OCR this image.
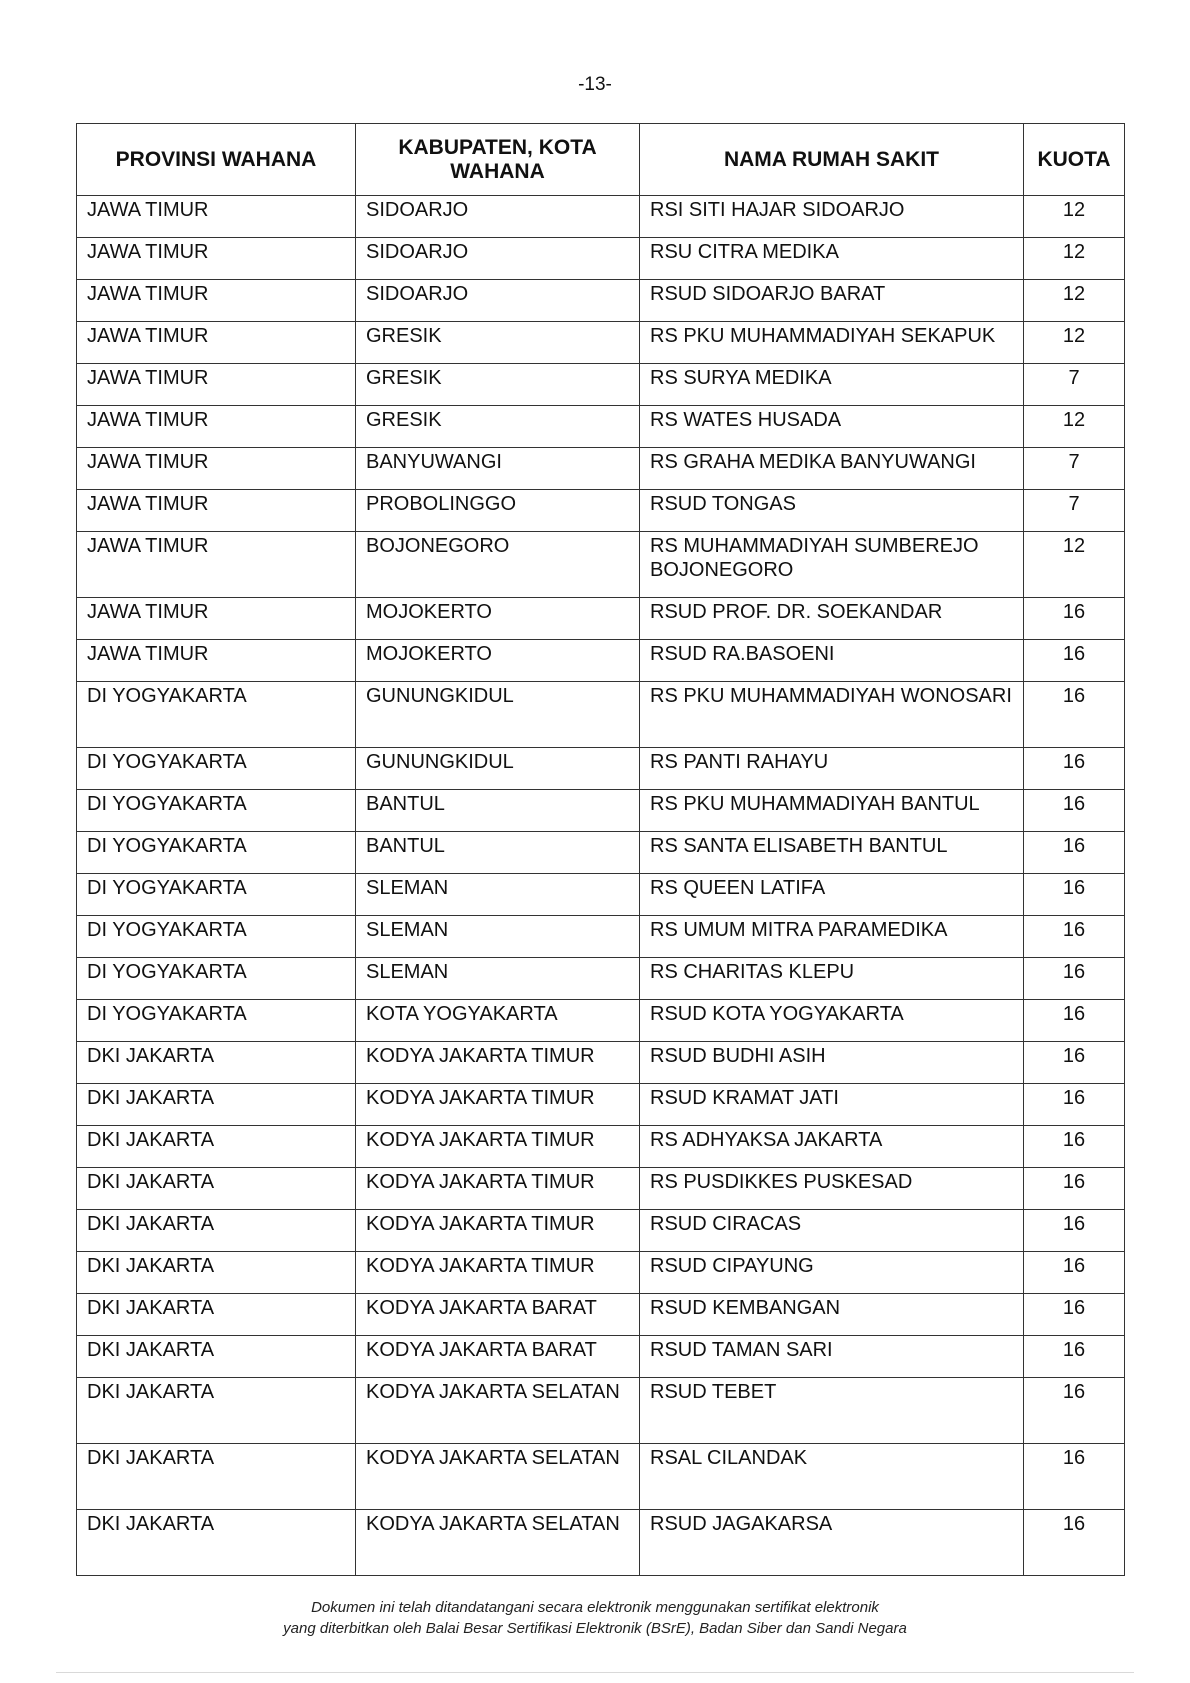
-13-
PROVINSI WAHANA	KABUPATEN, KOTA WAHANA	NAMA RUMAH SAKIT	KUOTA
JAWA TIMUR	SIDOARJO	RSI SITI HAJAR SIDOARJO	12
JAWA TIMUR	SIDOARJO	RSU CITRA MEDIKA	12
JAWA TIMUR	SIDOARJO	RSUD SIDOARJO BARAT	12
JAWA TIMUR	GRESIK	RS PKU MUHAMMADIYAH SEKAPUK	12
JAWA TIMUR	GRESIK	RS SURYA MEDIKA	7
JAWA TIMUR	GRESIK	RS WATES HUSADA	12
JAWA TIMUR	BANYUWANGI	RS GRAHA MEDIKA BANYUWANGI	7
JAWA TIMUR	PROBOLINGGO	RSUD TONGAS	7
JAWA TIMUR	BOJONEGORO	RS MUHAMMADIYAH SUMBEREJO BOJONEGORO	12
JAWA TIMUR	MOJOKERTO	RSUD PROF. DR. SOEKANDAR	16
JAWA TIMUR	MOJOKERTO	RSUD RA.BASOENI	16
DI YOGYAKARTA	GUNUNGKIDUL	RS PKU MUHAMMADIYAH WONOSARI	16
DI YOGYAKARTA	GUNUNGKIDUL	RS PANTI RAHAYU	16
DI YOGYAKARTA	BANTUL	RS PKU MUHAMMADIYAH BANTUL	16
DI YOGYAKARTA	BANTUL	RS SANTA ELISABETH BANTUL	16
DI YOGYAKARTA	SLEMAN	RS QUEEN LATIFA	16
DI YOGYAKARTA	SLEMAN	RS UMUM MITRA PARAMEDIKA	16
DI YOGYAKARTA	SLEMAN	RS CHARITAS KLEPU	16
DI YOGYAKARTA	KOTA YOGYAKARTA	RSUD KOTA YOGYAKARTA	16
DKI JAKARTA	KODYA JAKARTA TIMUR	RSUD BUDHI ASIH	16
DKI JAKARTA	KODYA JAKARTA TIMUR	RSUD KRAMAT JATI	16
DKI JAKARTA	KODYA JAKARTA TIMUR	RS ADHYAKSA JAKARTA	16
DKI JAKARTA	KODYA JAKARTA TIMUR	RS PUSDIKKES PUSKESAD	16
DKI JAKARTA	KODYA JAKARTA TIMUR	RSUD CIRACAS	16
DKI JAKARTA	KODYA JAKARTA TIMUR	RSUD CIPAYUNG	16
DKI JAKARTA	KODYA JAKARTA BARAT	RSUD KEMBANGAN	16
DKI JAKARTA	KODYA JAKARTA BARAT	RSUD TAMAN SARI	16
DKI JAKARTA	KODYA JAKARTA SELATAN	RSUD TEBET	16
DKI JAKARTA	KODYA JAKARTA SELATAN	RSAL CILANDAK	16
DKI JAKARTA	KODYA JAKARTA SELATAN	RSUD JAGAKARSA	16
Dokumen ini telah ditandatangani secara elektronik menggunakan sertifikat elektronik
yang diterbitkan oleh Balai Besar Sertifikasi Elektronik (BSrE), Badan Siber dan Sandi Negara
